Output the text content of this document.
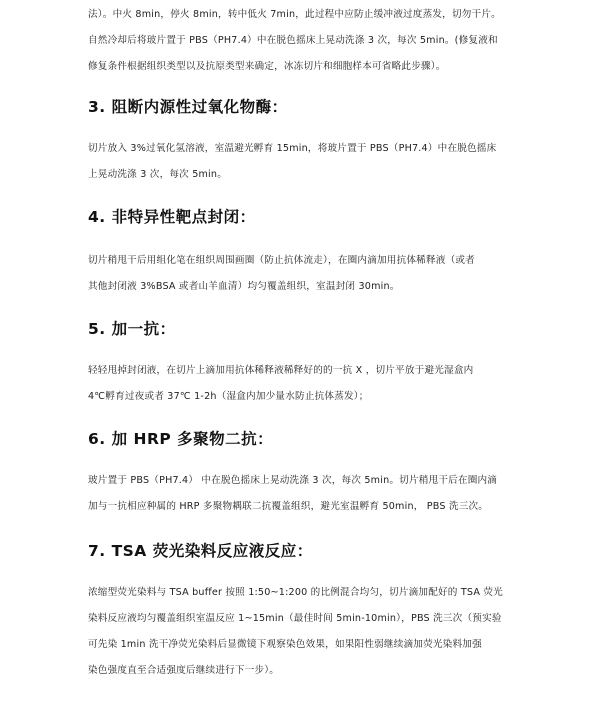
法）。中火 8min，停火 8min，转中低火 7min，此过程中应防止缓冲液过度蒸发，切勿干片。
自然冷却后将玻片置于 PBS（PH7.4）中在脱色摇床上晃动洗涤 3 次，每次 5min。(修复液和
修复条件根据组织类型以及抗原类型来确定，冰冻切片和细胞样本可省略此步骤）。
3. 阻断内源性过氧化物酶：
切片放入 3%过氧化氢溶液，室温避光孵育 15min，将玻片置于 PBS（PH7.4）中在脱色摇床
上晃动洗涤 3 次，每次 5min。
4. 非特异性靶点封闭：
切片稍甩干后用组化笔在组织周围画圈（防止抗体流走），在圈内滴加用抗体稀释液（或者
其他封闭液 3%BSA 或者山羊血清）均匀覆盖组织，室温封闭 30min。
5. 加一抗：
轻轻甩掉封闭液，在切片上滴加用抗体稀释液稀释好的的一抗 X ，切片平放于避光湿盒内
4℃孵育过夜或者 37℃ 1-2h（湿盒内加少量水防止抗体蒸发）；
6. 加 HRP 多聚物二抗：
玻片置于 PBS（PH7.4） 中在脱色摇床上晃动洗涤 3 次，每次 5min。切片稍甩干后在圈内滴
加与一抗相应种属的 HRP 多聚物耦联二抗覆盖组织，避光室温孵育 50min， PBS 洗三次。
7. TSA 荧光染料反应液反应：
浓缩型荧光染料与 TSA buffer 按照 1:50~1:200 的比例混合均匀，切片滴加配好的 TSA 荧光
染料反应液均匀覆盖组织室温反应 1~15min（最佳时间 5min-10min），PBS 洗三次（预实验
可先染 1min 洗干净荧光染料后显微镜下观察染色效果，如果阳性弱继续滴加荧光染料加强
染色强度直至合适强度后继续进行下一步）。
